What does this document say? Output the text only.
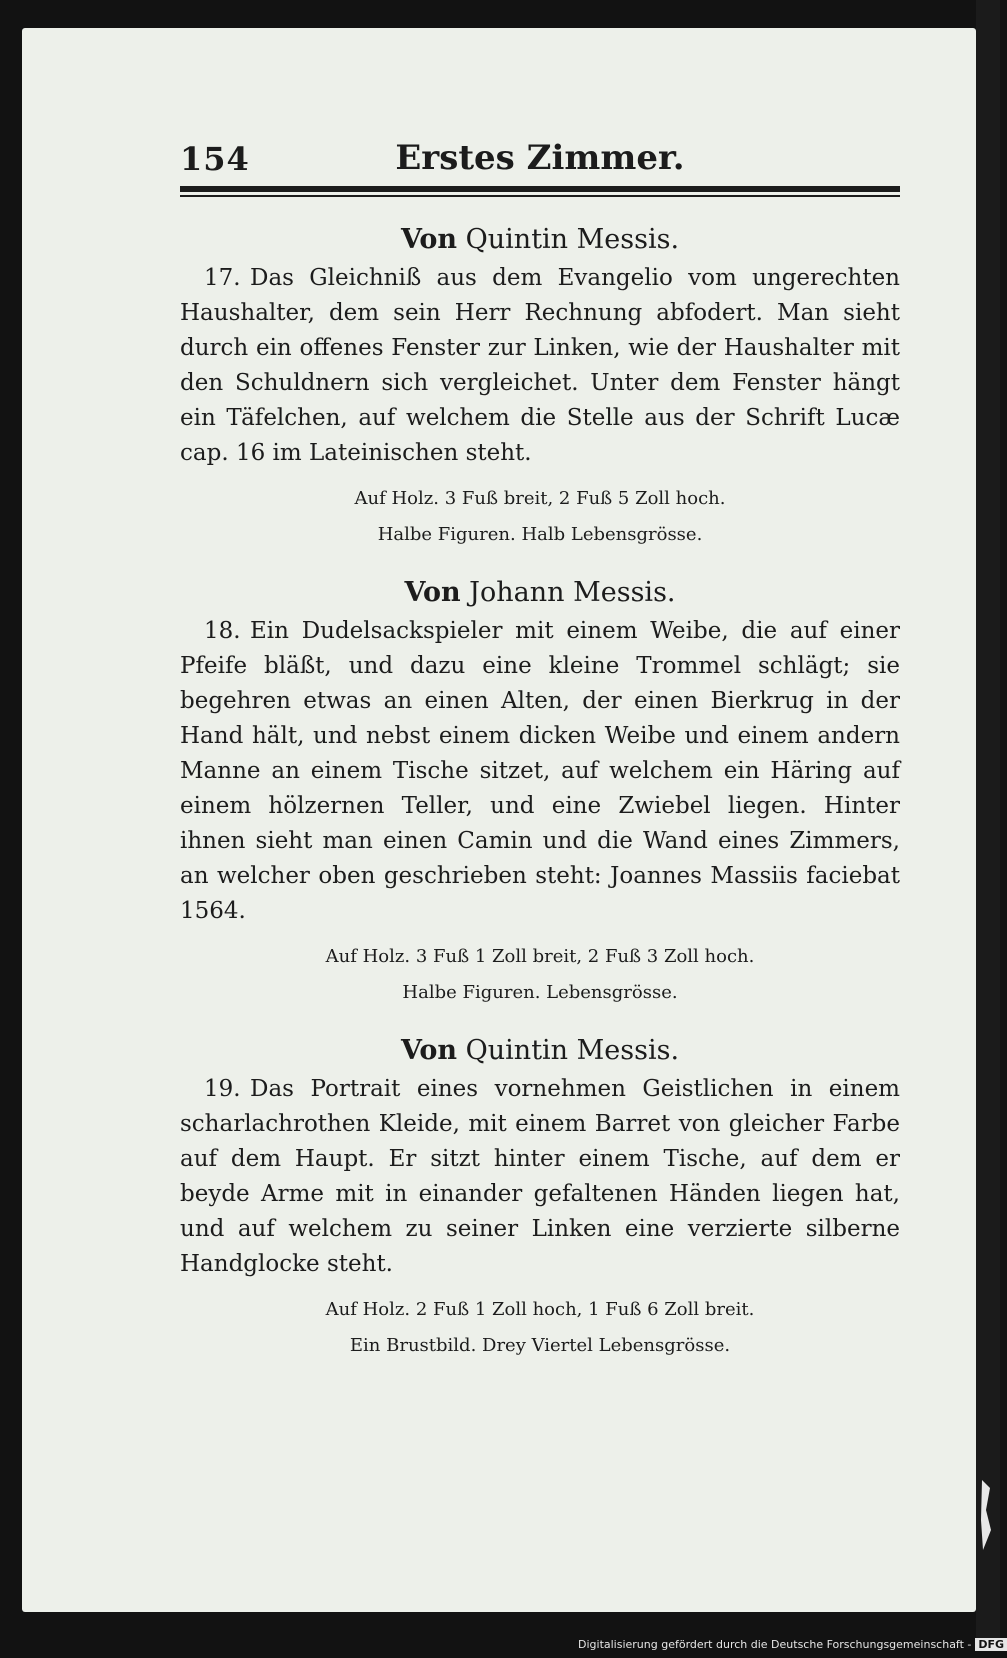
154	Erstes Zimmer.
Von Quintin Messis.

17. Das Gleichniß aus dem Evangelio vom ungerechten Haushalter, dem sein Herr Rechnung abfodert. Man sieht durch ein offenes Fenster zur Linken, wie der Haushalter mit den Schuldnern sich vergleichet. Unter dem Fenster hängt ein Täfelchen, auf welchem die Stelle aus der Schrift Lucæ cap. 16 im Lateinischen steht.

Auf Holz. 3 Fuß breit, 2 Fuß 5 Zoll hoch.

Halbe Figuren. Halb Lebensgrösse.

Von Johann Messis.

18. Ein Dudelsackspieler mit einem Weibe, die auf einer Pfeife bläßt, und dazu eine kleine Trommel schlägt; sie begehren etwas an einen Alten, der einen Bierkrug in der Hand hält, und nebst einem dicken Weibe und einem andern Manne an einem Tische sitzet, auf welchem ein Häring auf einem hölzernen Teller, und eine Zwiebel liegen. Hinter ihnen sieht man einen Camin und die Wand eines Zimmers, an welcher oben geschrieben steht: Joannes Massiis faciebat 1564.

Auf Holz. 3 Fuß 1 Zoll breit, 2 Fuß 3 Zoll hoch.

Halbe Figuren. Lebensgrösse.

Von Quintin Messis.

19. Das Portrait eines vornehmen Geistlichen in einem scharlachrothen Kleide, mit einem Barret von gleicher Farbe auf dem Haupt. Er sitzt hinter einem Tische, auf dem er beyde Arme mit in einander gefaltenen Händen liegen hat, und auf welchem zu seiner Linken eine verzierte silberne Handglocke steht.

Auf Holz. 2 Fuß 1 Zoll hoch, 1 Fuß 6 Zoll breit.

Ein Brustbild. Drey Viertel Lebensgrösse.

Digitalisierung gefördert durch die Deutsche Forschungsgemeinschaft - DFG
